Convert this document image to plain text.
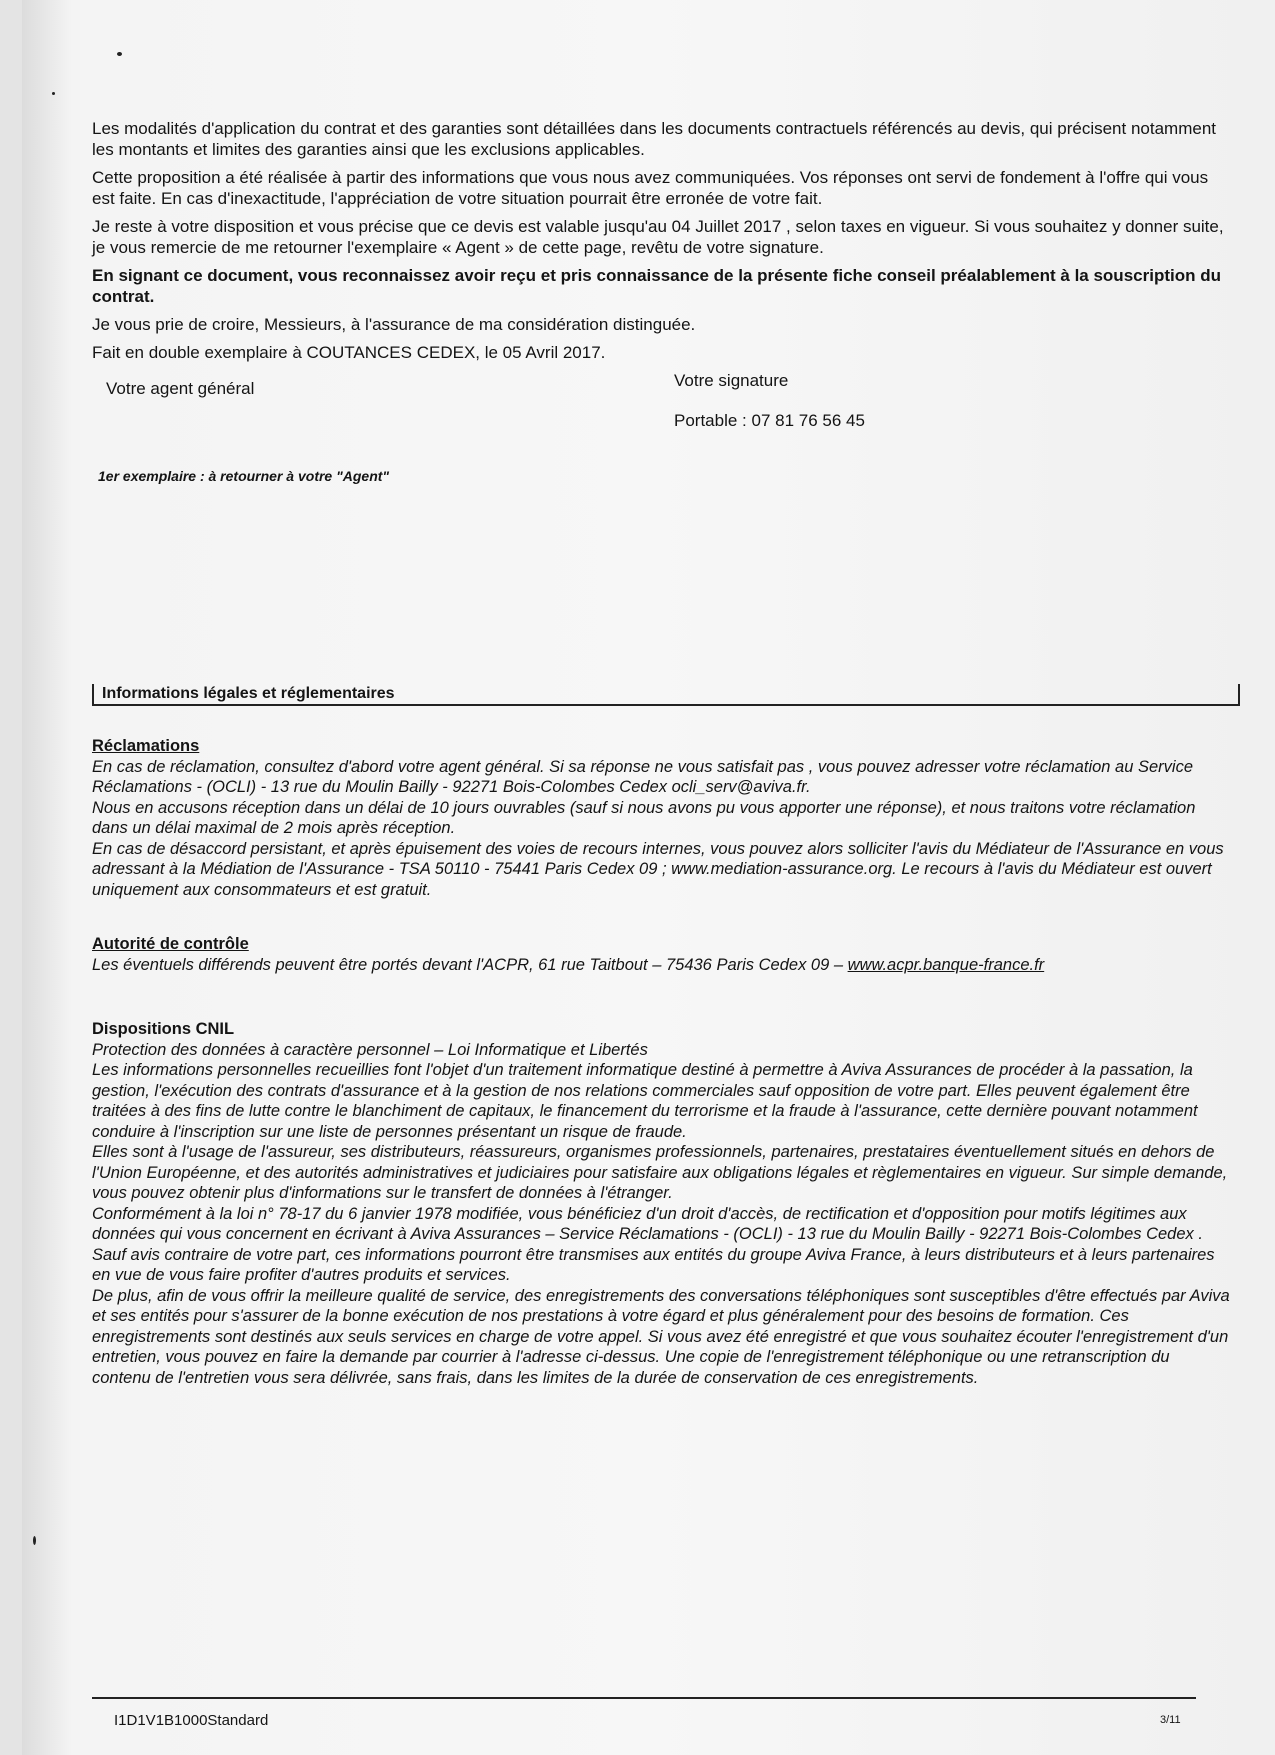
Les modalités d'application du contrat et des garanties sont détaillées dans les documents contractuels référencés au devis, qui précisent notamment les montants et limites des garanties ainsi que les exclusions applicables.

Cette proposition a été réalisée à partir des informations que vous nous avez communiquées. Vos réponses ont servi de fondement à l'offre qui vous est faite. En cas d'inexactitude, l'appréciation de votre situation pourrait être erronée de votre fait.

Je reste à votre disposition et vous précise que ce devis est valable jusqu'au 04 Juillet 2017 , selon taxes en vigueur. Si vous souhaitez y donner suite, je vous remercie de me retourner l'exemplaire « Agent » de cette page, revêtu de votre signature.

En signant ce document, vous reconnaissez avoir reçu et pris connaissance de la présente fiche conseil préalablement à la souscription du contrat.

Je vous prie de croire, Messieurs, à l'assurance de ma considération distinguée.

Fait en double exemplaire à COUTANCES CEDEX, le 05 Avril 2017.

Votre agent général	Votre signature
Portable : 07 81 76 56 45
1er exemplaire : à retourner à votre "Agent"
Informations légales et réglementaires
Réclamations

En cas de réclamation, consultez d'abord votre agent général. Si sa réponse ne vous satisfait pas , vous pouvez adresser votre réclamation au Service Réclamations - (OCLI) - 13 rue du Moulin Bailly - 92271 Bois-Colombes Cedex ocli_serv@aviva.fr.

Nous en accusons réception dans un délai de 10 jours ouvrables (sauf si nous avons pu vous apporter une réponse), et nous traitons votre réclamation dans un délai maximal de 2 mois après réception.

En cas de désaccord persistant, et après épuisement des voies de recours internes, vous pouvez alors solliciter l'avis du Médiateur de l'Assurance en vous adressant à la Médiation de l'Assurance - TSA 50110 - 75441 Paris Cedex 09 ; www.mediation-assurance.org. Le recours à l'avis du Médiateur est ouvert uniquement aux consommateurs et est gratuit.

Autorité de contrôle

Les éventuels différends peuvent être portés devant l'ACPR, 61 rue Taitbout – 75436 Paris Cedex 09 – www.acpr.banque-france.fr

Dispositions CNIL

Protection des données à caractère personnel – Loi Informatique et Libertés

Les informations personnelles recueillies font l'objet d'un traitement informatique destiné à permettre à Aviva Assurances de procéder à la passation, la gestion, l'exécution des contrats d'assurance et à la gestion de nos relations commerciales sauf opposition de votre part. Elles peuvent également être traitées à des fins de lutte contre le blanchiment de capitaux, le financement du terrorisme et la fraude à l'assurance, cette dernière pouvant notamment conduire à l'inscription sur une liste de personnes présentant un risque de fraude.

Elles sont à l'usage de l'assureur, ses distributeurs, réassureurs, organismes professionnels, partenaires, prestataires éventuellement situés en dehors de l'Union Européenne, et des autorités administratives et judiciaires pour satisfaire aux obligations légales et règlementaires en vigueur. Sur simple demande, vous pouvez obtenir plus d'informations sur le transfert de données à l'étranger.

Conformément à la loi n° 78-17 du 6 janvier 1978 modifiée, vous bénéficiez d'un droit d'accès, de rectification et d'opposition pour motifs légitimes aux données qui vous concernent en écrivant à Aviva Assurances – Service Réclamations - (OCLI) - 13 rue du Moulin Bailly - 92271 Bois-Colombes Cedex .

Sauf avis contraire de votre part, ces informations pourront être transmises aux entités du groupe Aviva France, à leurs distributeurs et à leurs partenaires en vue de vous faire profiter d'autres produits et services.

De plus, afin de vous offrir la meilleure qualité de service, des enregistrements des conversations téléphoniques sont susceptibles d'être effectués par Aviva et ses entités pour s'assurer de la bonne exécution de nos prestations à votre égard et plus généralement pour des besoins de formation. Ces enregistrements sont destinés aux seuls services en charge de votre appel. Si vous avez été enregistré et que vous souhaitez écouter l'enregistrement d'un entretien, vous pouvez en faire la demande par courrier à l'adresse ci-dessus. Une copie de l'enregistrement téléphonique ou une retranscription du contenu de l'entretien vous sera délivrée, sans frais, dans les limites de la durée de conservation de ces enregistrements.

I1D1V1B1000Standard	3/11
